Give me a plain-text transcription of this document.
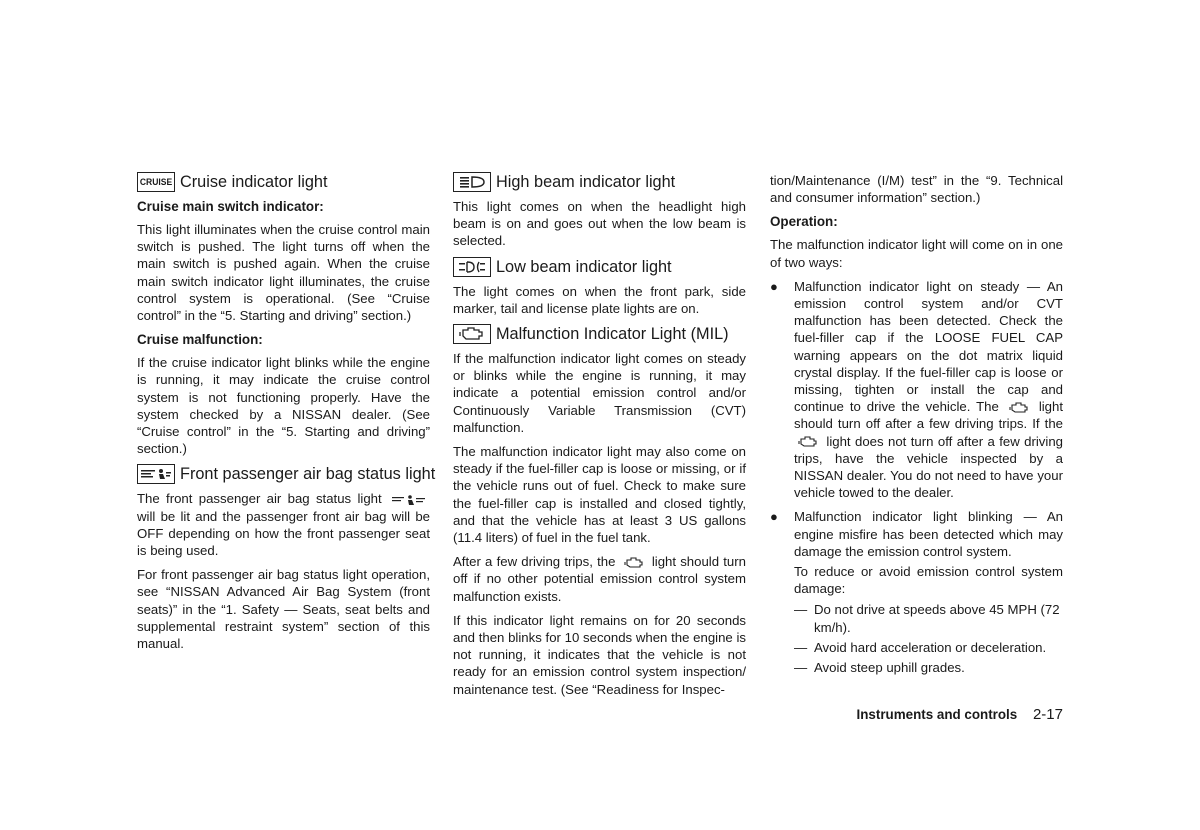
CRUISE Cruise indicator light
Cruise main switch indicator:

This light illuminates when the cruise control main switch is pushed. The light turns off when the main switch is pushed again. When the cruise main switch indicator light illuminates, the cruise control system is operational. (See “Cruise control” in the “5. Starting and driving” section.)

Cruise malfunction:

If the cruise indicator light blinks while the engine is running, it may indicate the cruise control system is not functioning properly. Have the system checked by a NISSAN dealer. (See “Cruise control” in the “5. Starting and driving” section.)

Front passenger air bag status light

The front passenger air bag status light  will be lit and the passenger front air bag will be OFF depending on how the front passenger seat is being used.

For front passenger air bag status light operation, see “NISSAN Advanced Air Bag System (front seats)” in the “1. Safety — Seats, seat belts and supplemental restraint system” section of this manual.

High beam indicator light

This light comes on when the headlight high beam is on and goes out when the low beam is selected.

Low beam indicator light

The light comes on when the front park, side marker, tail and license plate lights are on.

Malfunction Indicator Light (MIL)

If the malfunction indicator light comes on steady or blinks while the engine is running, it may indicate a potential emission control and/or Continuously Variable Transmission (CVT) malfunction.

The malfunction indicator light may also come on steady if the fuel-filler cap is loose or missing, or if the vehicle runs out of fuel. Check to make sure the fuel-filler cap is installed and closed tightly, and that the vehicle has at least 3 US gallons (11.4 liters) of fuel in the fuel tank.

After a few driving trips, the	light should turn off if no other potential emission control system malfunction exists.

If this indicator light remains on for 20 seconds and then blinks for 10 seconds when the engine is not running, it indicates that the vehicle is not ready for an emission control system inspection/ maintenance test. (See “Readiness for Inspec-

tion/Maintenance (I/M) test” in the “9. Technical and consumer information” section.)

Operation:

The malfunction indicator light will come on in one of two ways:

● Malfunction indicator light on steady — An emission control system and/or CVT malfunction has been detected. Check the fuel-filler cap if the LOOSE FUEL CAP warning appears on the dot matrix liquid crystal display. If the fuel-filler cap is loose or missing, tighten or install the cap and continue to drive the vehicle. The	light should turn off after a few driving trips. If the  light does not turn off after a few driving trips, have the vehicle inspected by a NISSAN dealer. You do not need to have your vehicle towed to the dealer.

● Malfunction indicator light blinking — An engine misfire has been detected which may damage the emission control system.

To reduce or avoid emission control system damage:

— Do not drive at speeds above 45 MPH (72 km/h).
— Avoid hard acceleration or deceleration.
— Avoid steep uphill grades.
Instruments and controls 2-17
